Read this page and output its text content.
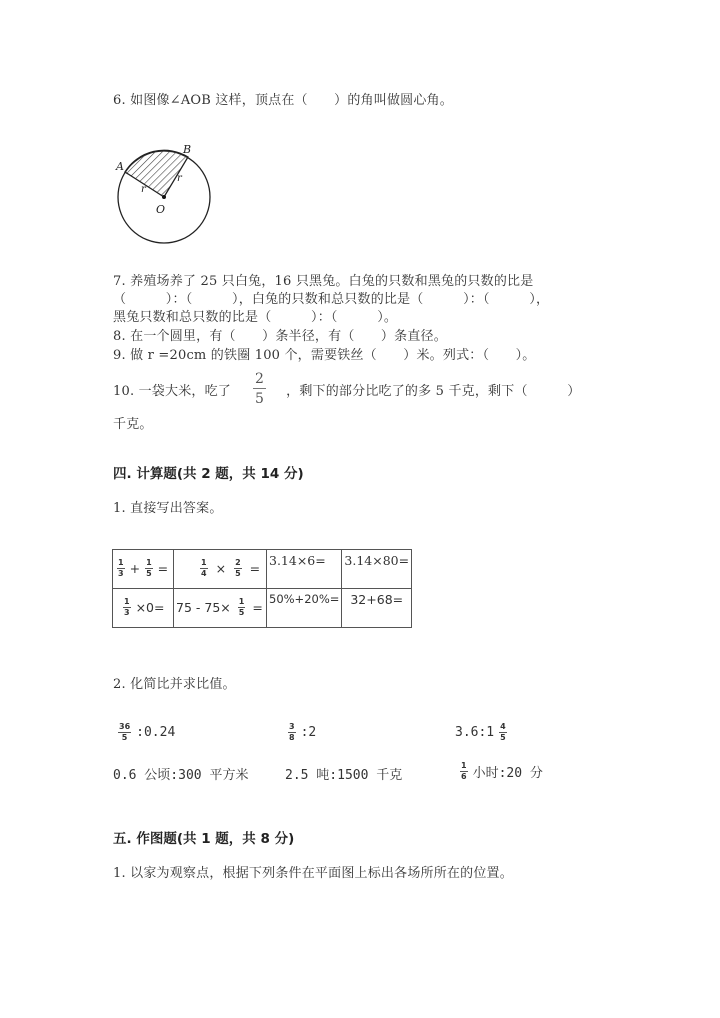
6. 如图像∠AOB 这样，顶点在（　　）的角叫做圆心角。
A
B
O
r
r
7. 养殖场养了 25 只白兔，16 只黑兔。白兔的只数和黑兔的只数的比是
（　　　）：（　　　），白兔的只数和总只数的比是（　　　）：（　　　），
黑兔只数和总只数的比是（　　　）：（　　　）。
8. 在一个圆里，有（　　）条半径，有（　　）条直径。
9. 做 r =20cm 的铁圈 100 个，需要铁丝（　　）米。列式：（　　）。
10. 一袋大米，吃了 $\frac{2}{5}$ ，剩下的部分比吃了的多 5 千克，剩下（　　　）
千克。
四. 计算题(共 2 题，共 14 分)
1. 直接写出答案。
$\frac{1}{3} + \frac{1}{5}$ =	$\frac{1}{4} \times \frac{2}{5}$ =	3.14×6=	3.14×80=

$\frac{1}{3} \times 0=$	$75 - 75\times \frac{1}{5}$ =	50%+20%=	32+68=
2. 化简比并求比值。
$\frac{36}{5}$ :0.24	$\frac{3}{8}$ :2	3.6:1 $\frac{4}{5}$
0.6 公顷:300 平方米	2.5 吨:1500 千克	$\frac{1}{6}$ 小时:20 分
五. 作图题(共 1 题，共 8 分)
1. 以家为观察点，根据下列条件在平面图上标出各场所所在的位置。
